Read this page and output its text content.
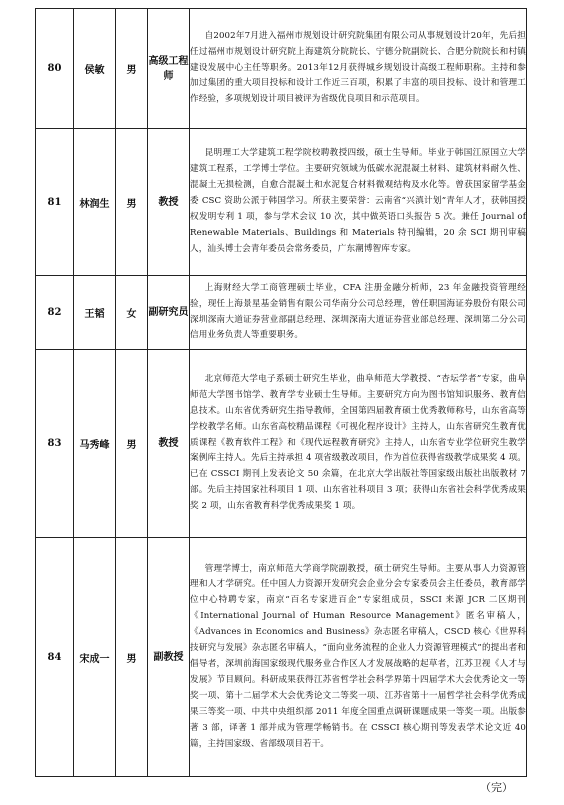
80	侯敏	男	高级工程师	自2002年7月进入福州市规划设计研究院集团有限公司从事规划设计20年，先后担任过福州市规划设计研究院上海建筑分院院长、宁德分院副院长、合肥分院院长和村镇建设发展中心主任等职务。2013年12月获得城乡规划设计高级工程师职称。主持和参加过集团的重大项目投标和设计工作近三百项，积累了丰富的项目投标、设计和管理工作经验，多项规划设计项目被评为省级优良项目和示范项目。
81	林润生	男	教授	昆明理工大学建筑工程学院校聘教授四级，硕士生导师。毕业于韩国江原国立大学建筑工程系，工学博士学位。主要研究领域为低碳水泥混凝土材料、建筑材料耐久性、混凝土无损检测，自愈合混凝土和水泥复合材料微观结构及水化等。曾获国家留学基金委 CSC 资助公派于韩国学习。所获主要荣誉：云南省“兴滇计划”青年人才，获韩国授权发明专利 1 项，参与学术会议 10 次，其中做英语口头报告 5 次。兼任 Journal of Renewable Materials、Buildings 和 Materials 特刊编辑，20 余 SCI 期刊审稿人，汕头博士会青年委员会常务委员，广东潮博智库专家。
82	王韬	女	副研究员	上海财经大学工商管理硕士毕业，CFA 注册金融分析师，23 年金融投资管理经验，现任上海景星基金销售有限公司华南分公司总经理，曾任职国海证券股份有限公司深圳深南大道证券营业部副总经理、深圳深南大道证券营业部总经理、深圳第二分公司信用业务负责人等重要职务。
83	马秀峰	男	教授	北京师范大学电子系硕士研究生毕业，曲阜师范大学教授、“杏坛学者”专家，曲阜师范大学图书馆学、教育学专业硕士生导师。主要研究方向为图书馆知识服务、教育信息技术。山东省优秀研究生指导教师，全国第四届教育硕士优秀教师称号，山东省高等学校教学名师。山东省高校精品课程《可视化程序设计》主持人，山东省研究生教育优质课程《教育软件工程》和《现代远程教育研究》主持人，山东省专业学位研究生教学案例库主持人。先后主持承担 4 项省级教改项目，作为首位获得省级教学成果奖 4 项。已在 CSSCI 期刊上发表论文 50 余篇，在北京大学出版社等国家级出版社出版教材 7 部。先后主持国家社科项目 1 项、山东省社科项目 3 项；获得山东省社会科学优秀成果奖 2 项，山东省教育科学优秀成果奖 1 项。
84	宋成一	男	副教授	管理学博士，南京师范大学商学院副教授，硕士研究生导师。主要从事人力资源管理和人才学研究。任中国人力资源开发研究会企业分会专家委员会主任委员，教育部学位中心特聘专家，南京“百名专家进百企”专家组成员，SSCI 来源 JCR 二区期刊《International Journal of Human Resource Management》匿名审稿人，《Advances in Economics and Business》杂志匿名审稿人，CSCD 核心《世界科技研究与发展》杂志匿名审稿人，“面向业务流程的企业人力资源管理模式”的提出者和倡导者，深圳前海国家级现代服务业合作区人才发展战略的起草者，江苏卫视《人才与发展》节目顾问。科研成果获得江苏省哲学社会科学界第十四届学术大会优秀论文一等奖一项、第十二届学术大会优秀论文二等奖一项、江苏省第十一届哲学社会科学优秀成果三等奖一项、中共中央组织部 2011 年度全国重点调研课题成果一等奖一项。出版参著 3 部，译著 1 部并成为管理学畅销书。在 CSSCI 核心期刊等发表学术论文近 40 篇，主持国家级、省部级项目若干。
（完）
